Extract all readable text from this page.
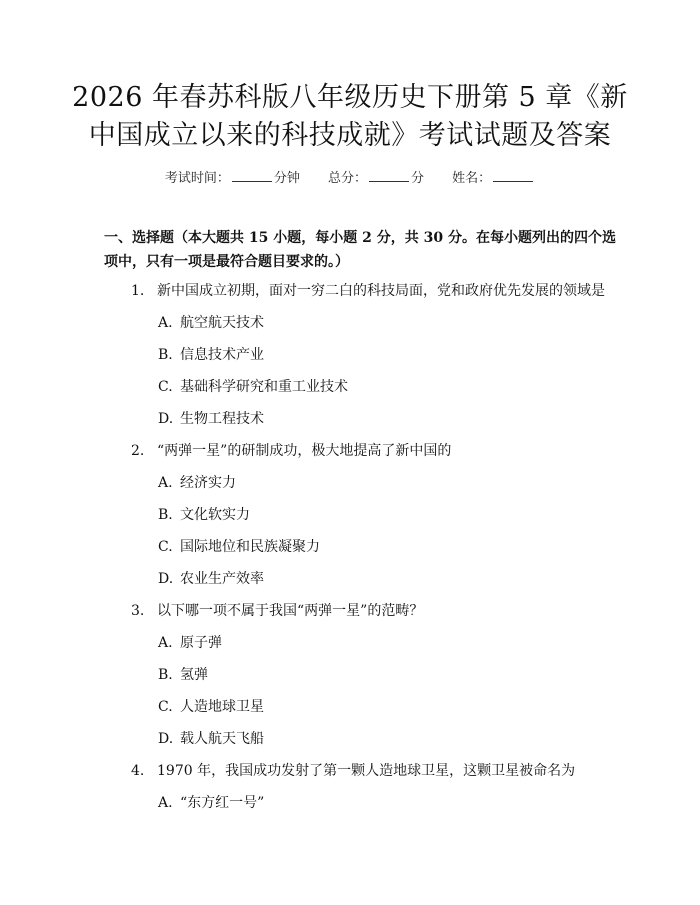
2026 年春苏科版八年级历史下册第 5 章《新
中国成立以来的科技成就》考试试题及答案
考试时间：	分钟 总分：	分 姓名：
一、选择题（本大题共 15 小题，每小题 2 分，共 30 分。在每小题列出的四个选
项中，只有一项是最符合题目要求的。）
1. 新中国成立初期，面对一穷二白的科技局面，党和政府优先发展的领域是
A. 航空航天技术
B. 信息技术产业
C. 基础科学研究和重工业技术
D. 生物工程技术
2. “两弹一星”的研制成功，极大地提高了新中国的
A. 经济实力
B. 文化软实力
C. 国际地位和民族凝聚力
D. 农业生产效率
3. 以下哪一项不属于我国“两弹一星”的范畴？
A. 原子弹
B. 氢弹
C. 人造地球卫星
D. 载人航天飞船
4. 1970 年，我国成功发射了第一颗人造地球卫星，这颗卫星被命名为
A. “东方红一号”
